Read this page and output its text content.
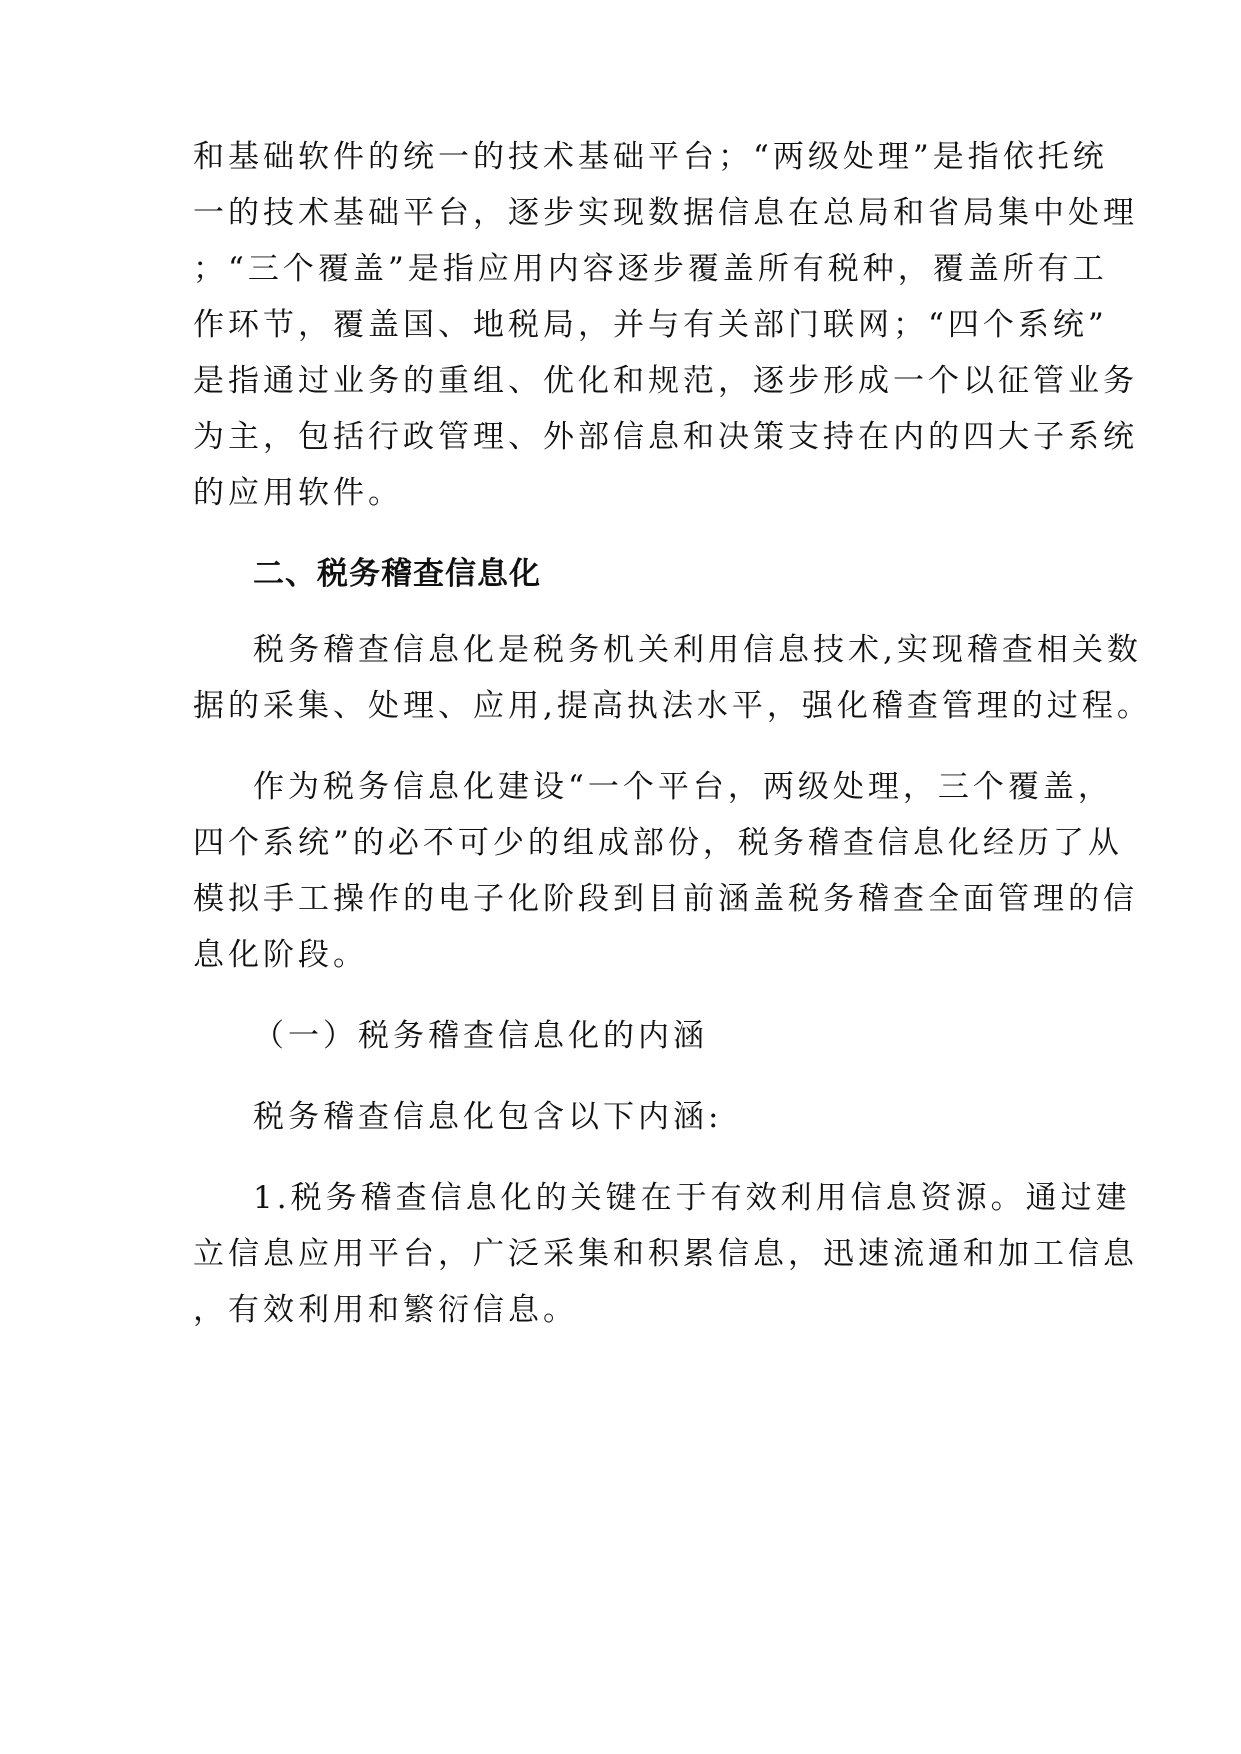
和基础软件的统一的技术基础平台；“两级处理”是指依托统
一的技术基础平台，逐步实现数据信息在总局和省局集中处理
；“三个覆盖”是指应用内容逐步覆盖所有税种，覆盖所有工
作环节，覆盖国、地税局，并与有关部门联网；“四个系统”
是指通过业务的重组、优化和规范，逐步形成一个以征管业务
为主，包括行政管理、外部信息和决策支持在内的四大子系统
的应用软件。
二、税务稽查信息化
税务稽查信息化是税务机关利用信息技术,实现稽查相关数
据的采集、处理、应用,提高执法水平，强化稽查管理的过程。
作为税务信息化建设“一个平台，两级处理，三个覆盖，
四个系统”的必不可少的组成部份，税务稽查信息化经历了从
模拟手工操作的电子化阶段到目前涵盖税务稽查全面管理的信
息化阶段。
（一）税务稽查信息化的内涵
税务稽查信息化包含以下内涵:
1.税务稽查信息化的关键在于有效利用信息资源。通过建
立信息应用平台，广泛采集和积累信息，迅速流通和加工信息
，有效利用和繁衍信息。
